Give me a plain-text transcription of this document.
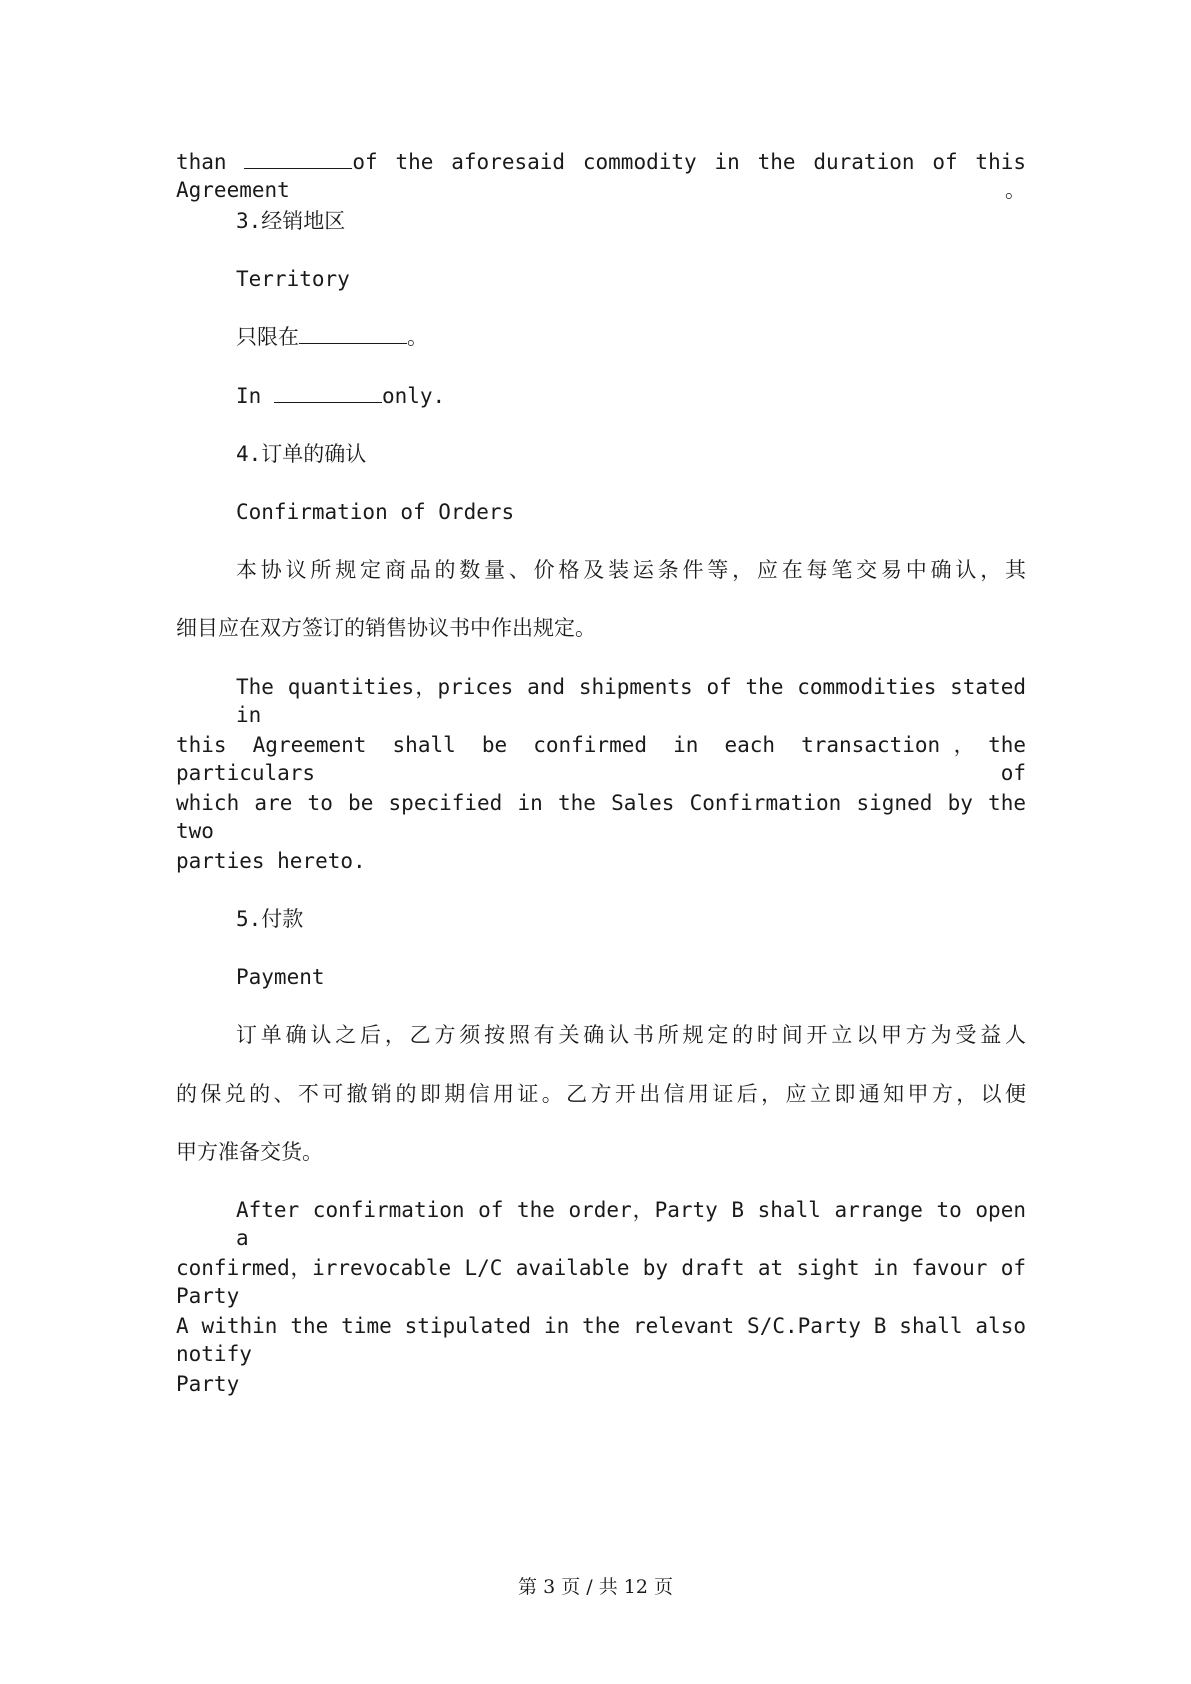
than	of the aforesaid commodity in the duration of this Agreement。
3.经销地区
Territory
只限在	。
In	only.
4.订单的确认
Confirmation of Orders
本协议所规定商品的数量、价格及装运条件等，应在每笔交易中确认，其
细目应在双方签订的销售协议书中作出规定。
The quantities，prices and shipments of the commodities stated in
this Agreement shall be confirmed in each transaction，the particulars of
which are to be specified in the Sales Confirmation signed by the two
parties hereto.
5.付款
Payment
订单确认之后，乙方须按照有关确认书所规定的时间开立以甲方为受益人
的保兑的、不可撤销的即期信用证。乙方开出信用证后，应立即通知甲方，以便
甲方准备交货。
After confirmation of the order，Party B shall arrange to open a
confirmed，irrevocable L/C available by draft at sight in favour of Party
A within the time stipulated in the relevant S/C.Party B shall also notify
Party
第 3 页 / 共 12 页
